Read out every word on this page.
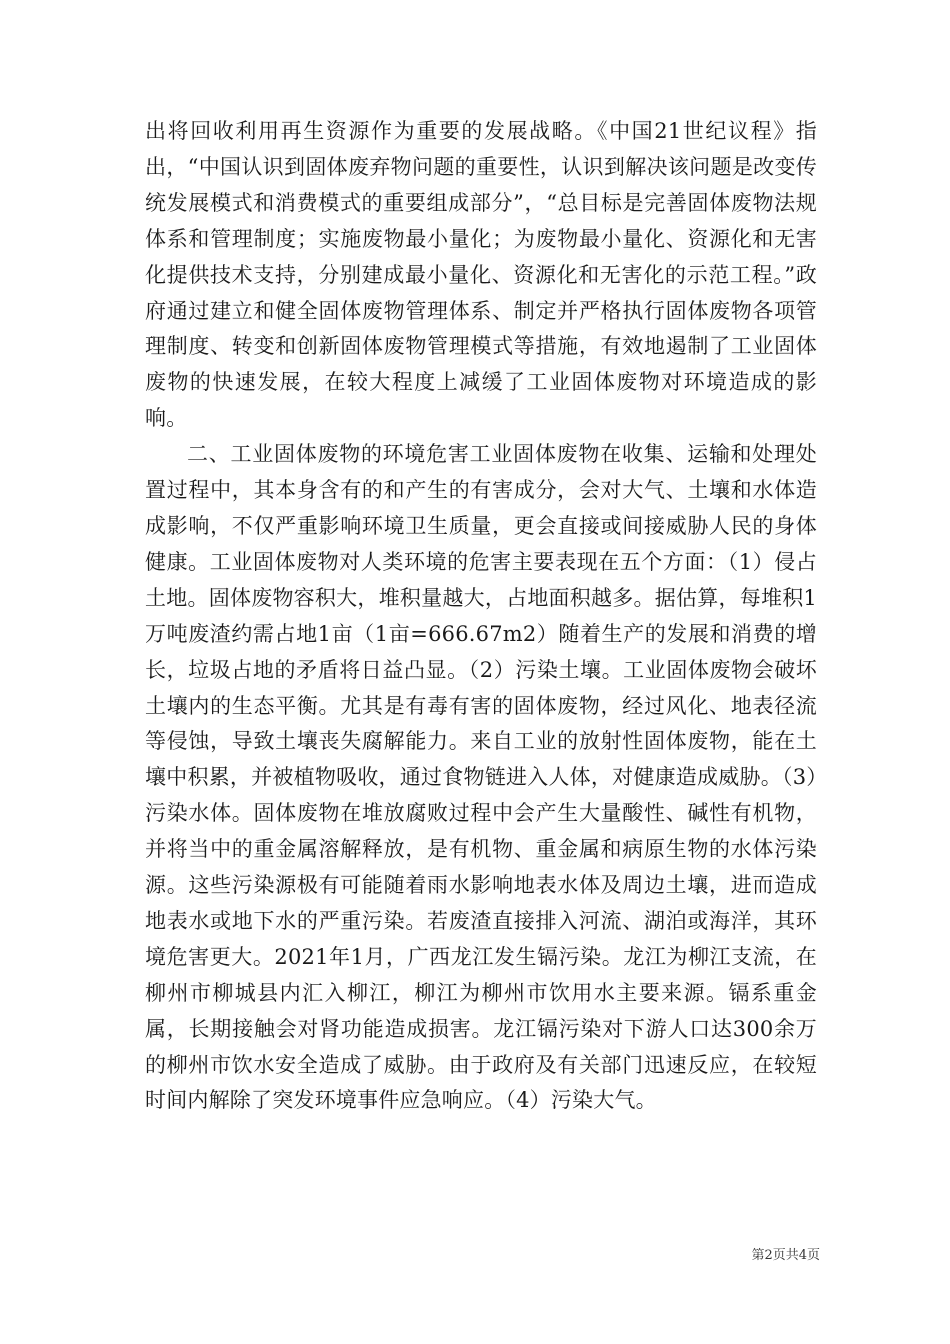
出将回收利用再生资源作为重要的发展战略。《中国21世纪议程》指出，“中国认识到固体废弃物问题的重要性，认识到解决该问题是改变传统发展模式和消费模式的重要组成部分”，“总目标是完善固体废物法规体系和管理制度；实施废物最小量化；为废物最小量化、资源化和无害化提供技术支持，分别建成最小量化、资源化和无害化的示范工程。”政府通过建立和健全固体废物管理体系、制定并严格执行固体废物各项管理制度、转变和创新固体废物管理模式等措施，有效地遏制了工业固体废物的快速发展，在较大程度上减缓了工业固体废物对环境造成的影响。

二、工业固体废物的环境危害工业固体废物在收集、运输和处理处置过程中，其本身含有的和产生的有害成分，会对大气、土壤和水体造成影响，不仅严重影响环境卫生质量，更会直接或间接威胁人民的身体健康。工业固体废物对人类环境的危害主要表现在五个方面：（1）侵占土地。固体废物容积大，堆积量越大，占地面积越多。据估算，每堆积1万吨废渣约需占地1亩（1亩=666.67m2）随着生产的发展和消费的增长，垃圾占地的矛盾将日益凸显。（2）污染土壤。工业固体废物会破坏土壤内的生态平衡。尤其是有毒有害的固体废物，经过风化、地表径流等侵蚀，导致土壤丧失腐解能力。来自工业的放射性固体废物，能在土壤中积累，并被植物吸收，通过食物链进入人体，对健康造成威胁。（3）污染水体。固体废物在堆放腐败过程中会产生大量酸性、碱性有机物，并将当中的重金属溶解释放，是有机物、重金属和病原生物的水体污染源。这些污染源极有可能随着雨水影响地表水体及周边土壤，进而造成地表水或地下水的严重污染。若废渣直接排入河流、湖泊或海洋，其环境危害更大。2021年1月，广西龙江发生镉污染。龙江为柳江支流，在柳州市柳城县内汇入柳江，柳江为柳州市饮用水主要来源。镉系重金属，长期接触会对肾功能造成损害。龙江镉污染对下游人口达300余万的柳州市饮水安全造成了威胁。由于政府及有关部门迅速反应，在较短时间内解除了突发环境事件应急响应。（4）污染大气。

第2页共4页
